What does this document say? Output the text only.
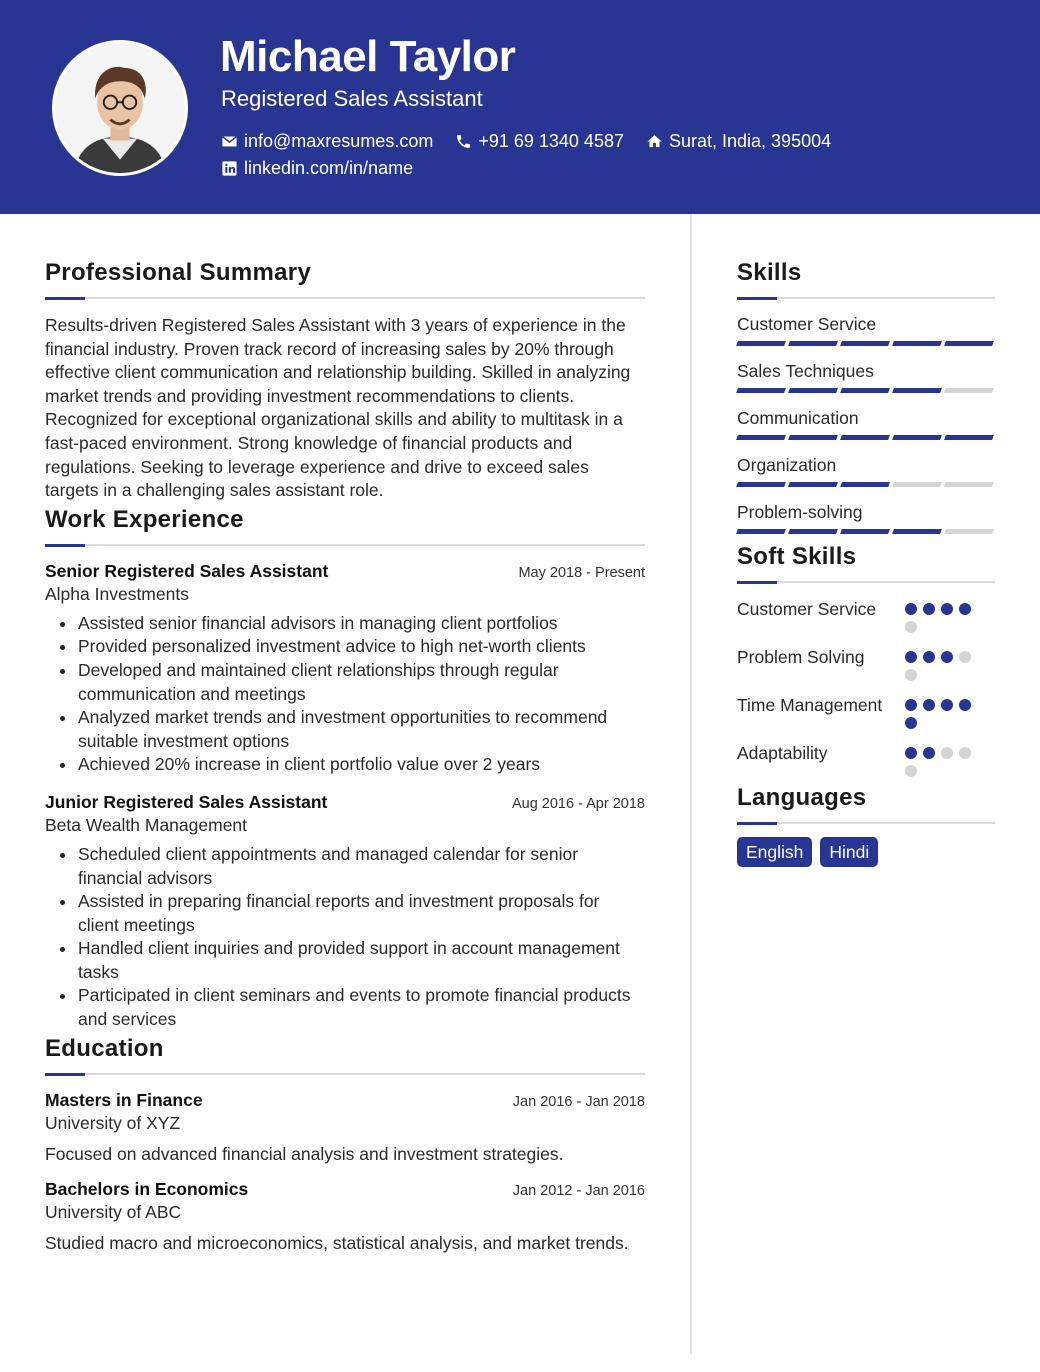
Michael Taylor
Registered Sales Assistant
info@maxresumes.com	+91 69 1340 4587	Surat, India, 395004
linkedin.com/in/name
Professional Summary

Results-driven Registered Sales Assistant with 3 years of experience in the financial industry. Proven track record of increasing sales by 20% through effective client communication and relationship building. Skilled in analyzing market trends and providing investment recommendations to clients. Recognized for exceptional organizational skills and ability to multitask in a fast-paced environment. Strong knowledge of financial products and regulations. Seeking to leverage experience and drive to exceed sales targets in a challenging sales assistant role.

Work Experience
Senior Registered Sales Assistant	May 2018 - Present
Alpha Investments
Assisted senior financial advisors in managing client portfolios
Provided personalized investment advice to high net-worth clients
Developed and maintained client relationships through regular communication and meetings
Analyzed market trends and investment opportunities to recommend suitable investment options
Achieved 20% increase in client portfolio value over 2 years
Junior Registered Sales Assistant	Aug 2016 - Apr 2018
Beta Wealth Management
Scheduled client appointments and managed calendar for senior financial advisors
Assisted in preparing financial reports and investment proposals for client meetings
Handled client inquiries and provided support in account management tasks
Participated in client seminars and events to promote financial products and services
Education
Masters in Finance	Jan 2016 - Jan 2018
University of XYZ

Focused on advanced financial analysis and investment strategies.

Bachelors in Economics	Jan 2012 - Jan 2016
University of ABC

Studied macro and microeconomics, statistical analysis, and market trends.

Skills
Customer Service
Sales Techniques
Communication
Organization
Problem-solving
Soft Skills
Customer Service
Problem Solving
Time Management
Adaptability
Languages
English	Hindi
